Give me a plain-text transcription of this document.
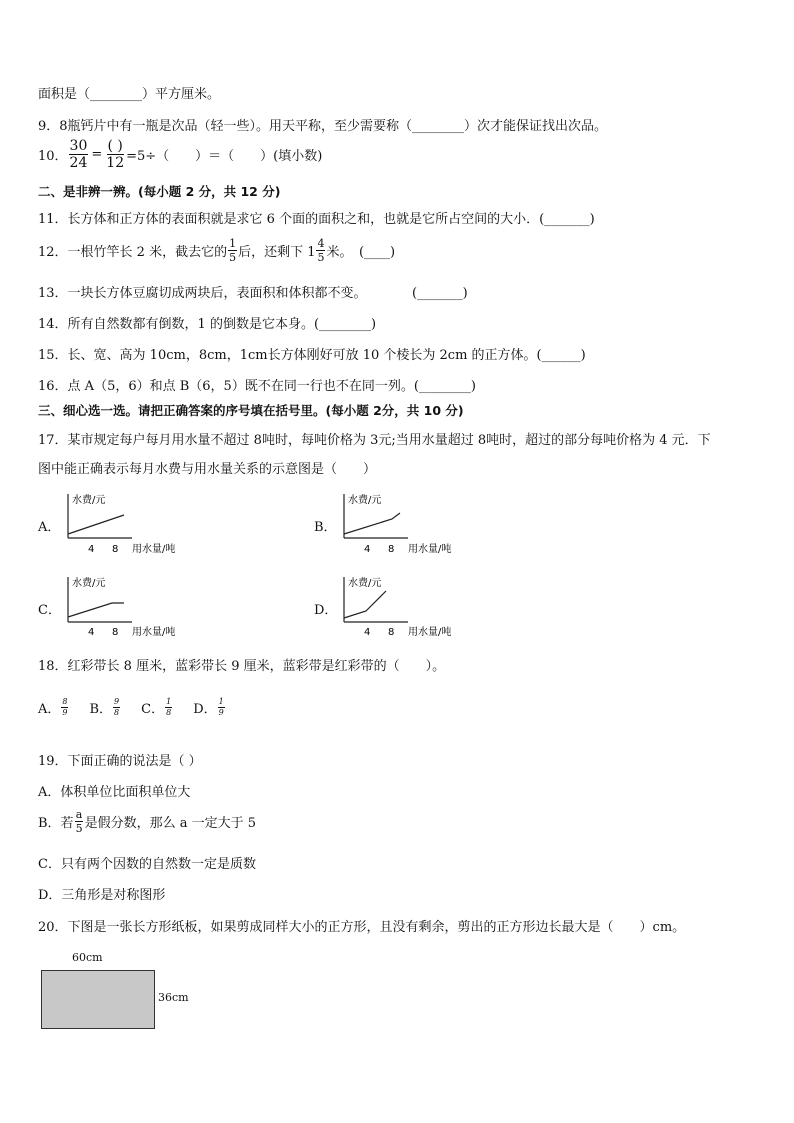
面积是（________）平方厘米。
9．8瓶钙片中有一瓶是次品（轻一些）。用天平称，至少需要称（________）次才能保证找出次品。
10． $\frac{30}{24} = \frac{( )}{12} =5\div$（　　）＝（　　）(填小数)
二、是非辨一辨。(每小题 2 分，共 12 分)
11．长方体和正方体的表面积就是求它 6 个面的面积之和，也就是它所占空间的大小．(_______)
12．一根竹竿长 2 米，截去它的 $\frac{1}{5}$ 后，还剩下 $1 \frac{4}{5}$ 米。　(____)
13．一块长方体豆腐切成两块后，表面积和体积都不变。　　　　(_______)
14．所有自然数都有倒数，1 的倒数是它本身。(________)
15．长、宽、高为 10cm，8cm，1cm长方体刚好可放 10 个棱长为 2cm 的正方体。(______)
16．点 A（5，6）和点 B（6，5）既不在同一行也不在同一列。(________)
三、细心选一选。请把正确答案的序号填在括号里。(每小题 2分，共 10 分)
17．某市规定每户每月用水量不超过 8吨时，每吨价格为 3元;当用水量超过 8吨时，超过的部分每吨价格为 4 元．下
图中能正确表示每月水费与用水量关系的示意图是（　　）
A．
水费/元
4 8 用水量/吨
B．
水费/元
4 8 用水量/吨
C．
水费/元
4 8 用水量/吨
D．
水费/元
4 8 用水量/吨
18．红彩带长 8 厘米，蓝彩带长 9 厘米，蓝彩带是红彩带的（　　）。
A． $\frac{8}{9}$ B． $\frac{9}{8}$ C． $\frac{1}{8}$ D． $\frac{1}{9}$
19．下面正确的说法是（ ）
A．体积单位比面积单位大
B．若 $\frac{a}{5}$ 是假分数，那么 a 一定大于 5
C．只有两个因数的自然数一定是质数
D．三角形是对称图形
20．下图是一张长方形纸板，如果剪成同样大小的正方形，且没有剩余，剪出的正方形边长最大是（　　）cm。
60cm
36cm
